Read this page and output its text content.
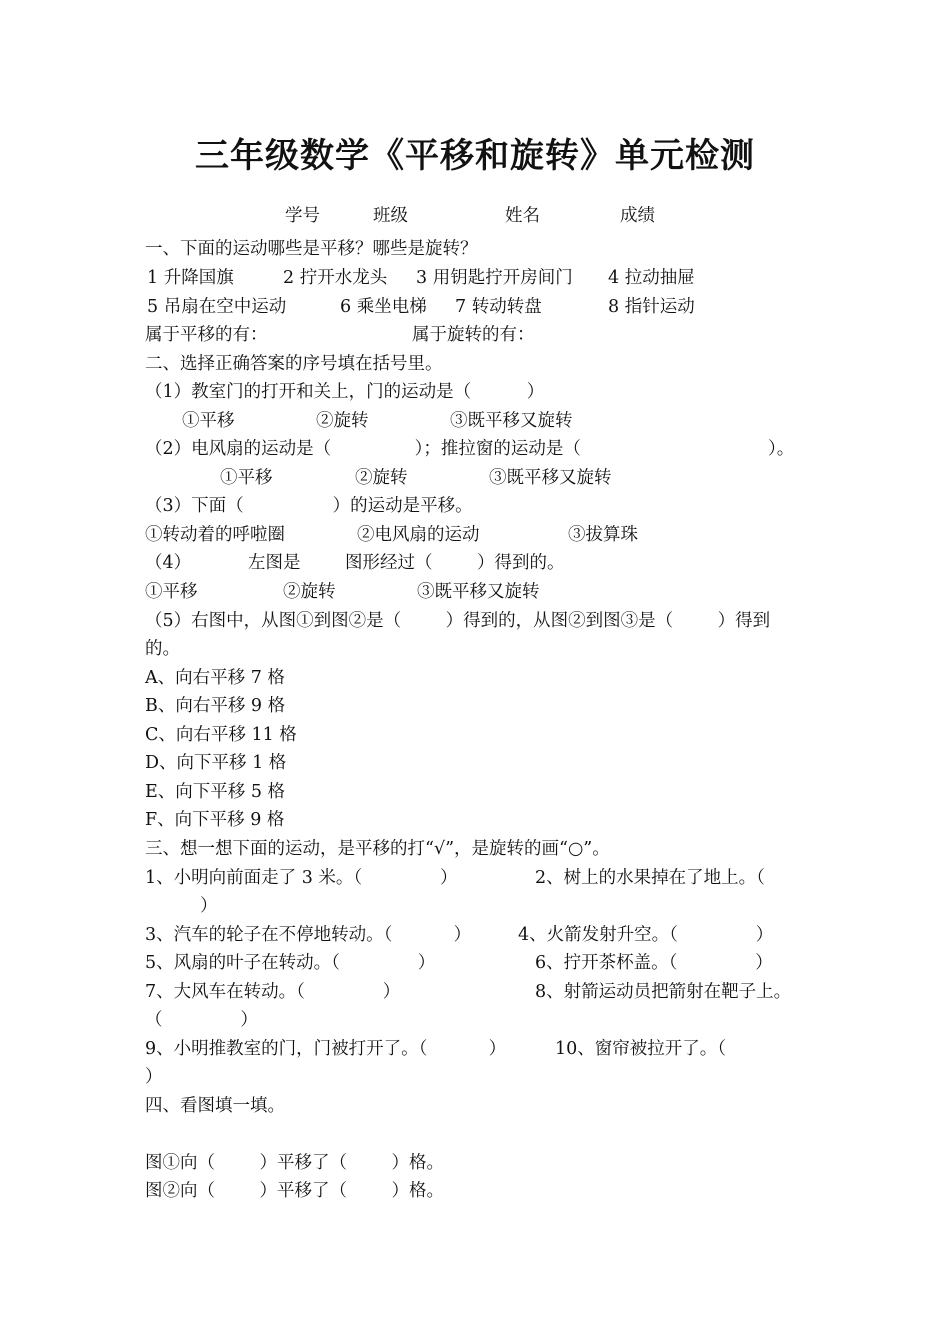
三年级数学《平移和旋转》单元检测
学号	班级	姓名	成绩
一、下面的运动哪些是平移？哪些是旋转？
1 升降国旗	2 拧开水龙头 3 用钥匙拧开房间门 4 拉动抽屉
5 吊扇在空中运动	6 乘坐电梯 7 转动转盘	8 指针运动
属于平移的有：	属于旋转的有：
二、选择正确答案的序号填在括号里。
（1）教室门的打开和关上，门的运动是（          ）
①平移	②旋转	③既平移又旋转
（2）电风扇的运动是（               ）；推拉窗的运动是（	）。
①平移	②旋转	③既平移又旋转
（3）下面（                ）的运动是平移。
①转动着的呼啦圈	②电风扇的运动	③拔算珠
（4）	左图是	图形经过（        ）得到的。
①平移	②旋转	③既平移又旋转
（5）右图中，从图①到图②是（        ）得到的，从图②到图③是（        ）得到
的。
A、向右平移 7 格
B、向右平移 9 格
C、向右平移 11 格
D、向下平移 1 格
E、向下平移 5 格
F、向下平移 9 格
三、想一想下面的运动，是平移的打“√”，是旋转的画“○”。
1、小明向前面走了 3 米。（              ）	2、树上的水果掉在了地上。（
）
3、汽车的轮子在不停地转动。（           ）	4、火箭发射升空。（              ）
5、风扇的叶子在转动。（              ）	6、拧开茶杯盖。（              ）
7、大风车在转动。（              ）	8、射箭运动员把箭射在靶子上。
（              ）
9、小明推教室的门，门被打开了。（           ）	10、窗帘被拉开了。（
）
四、看图填一填。
图①向（        ）平移了（        ）格。
图②向（        ）平移了（        ）格。
